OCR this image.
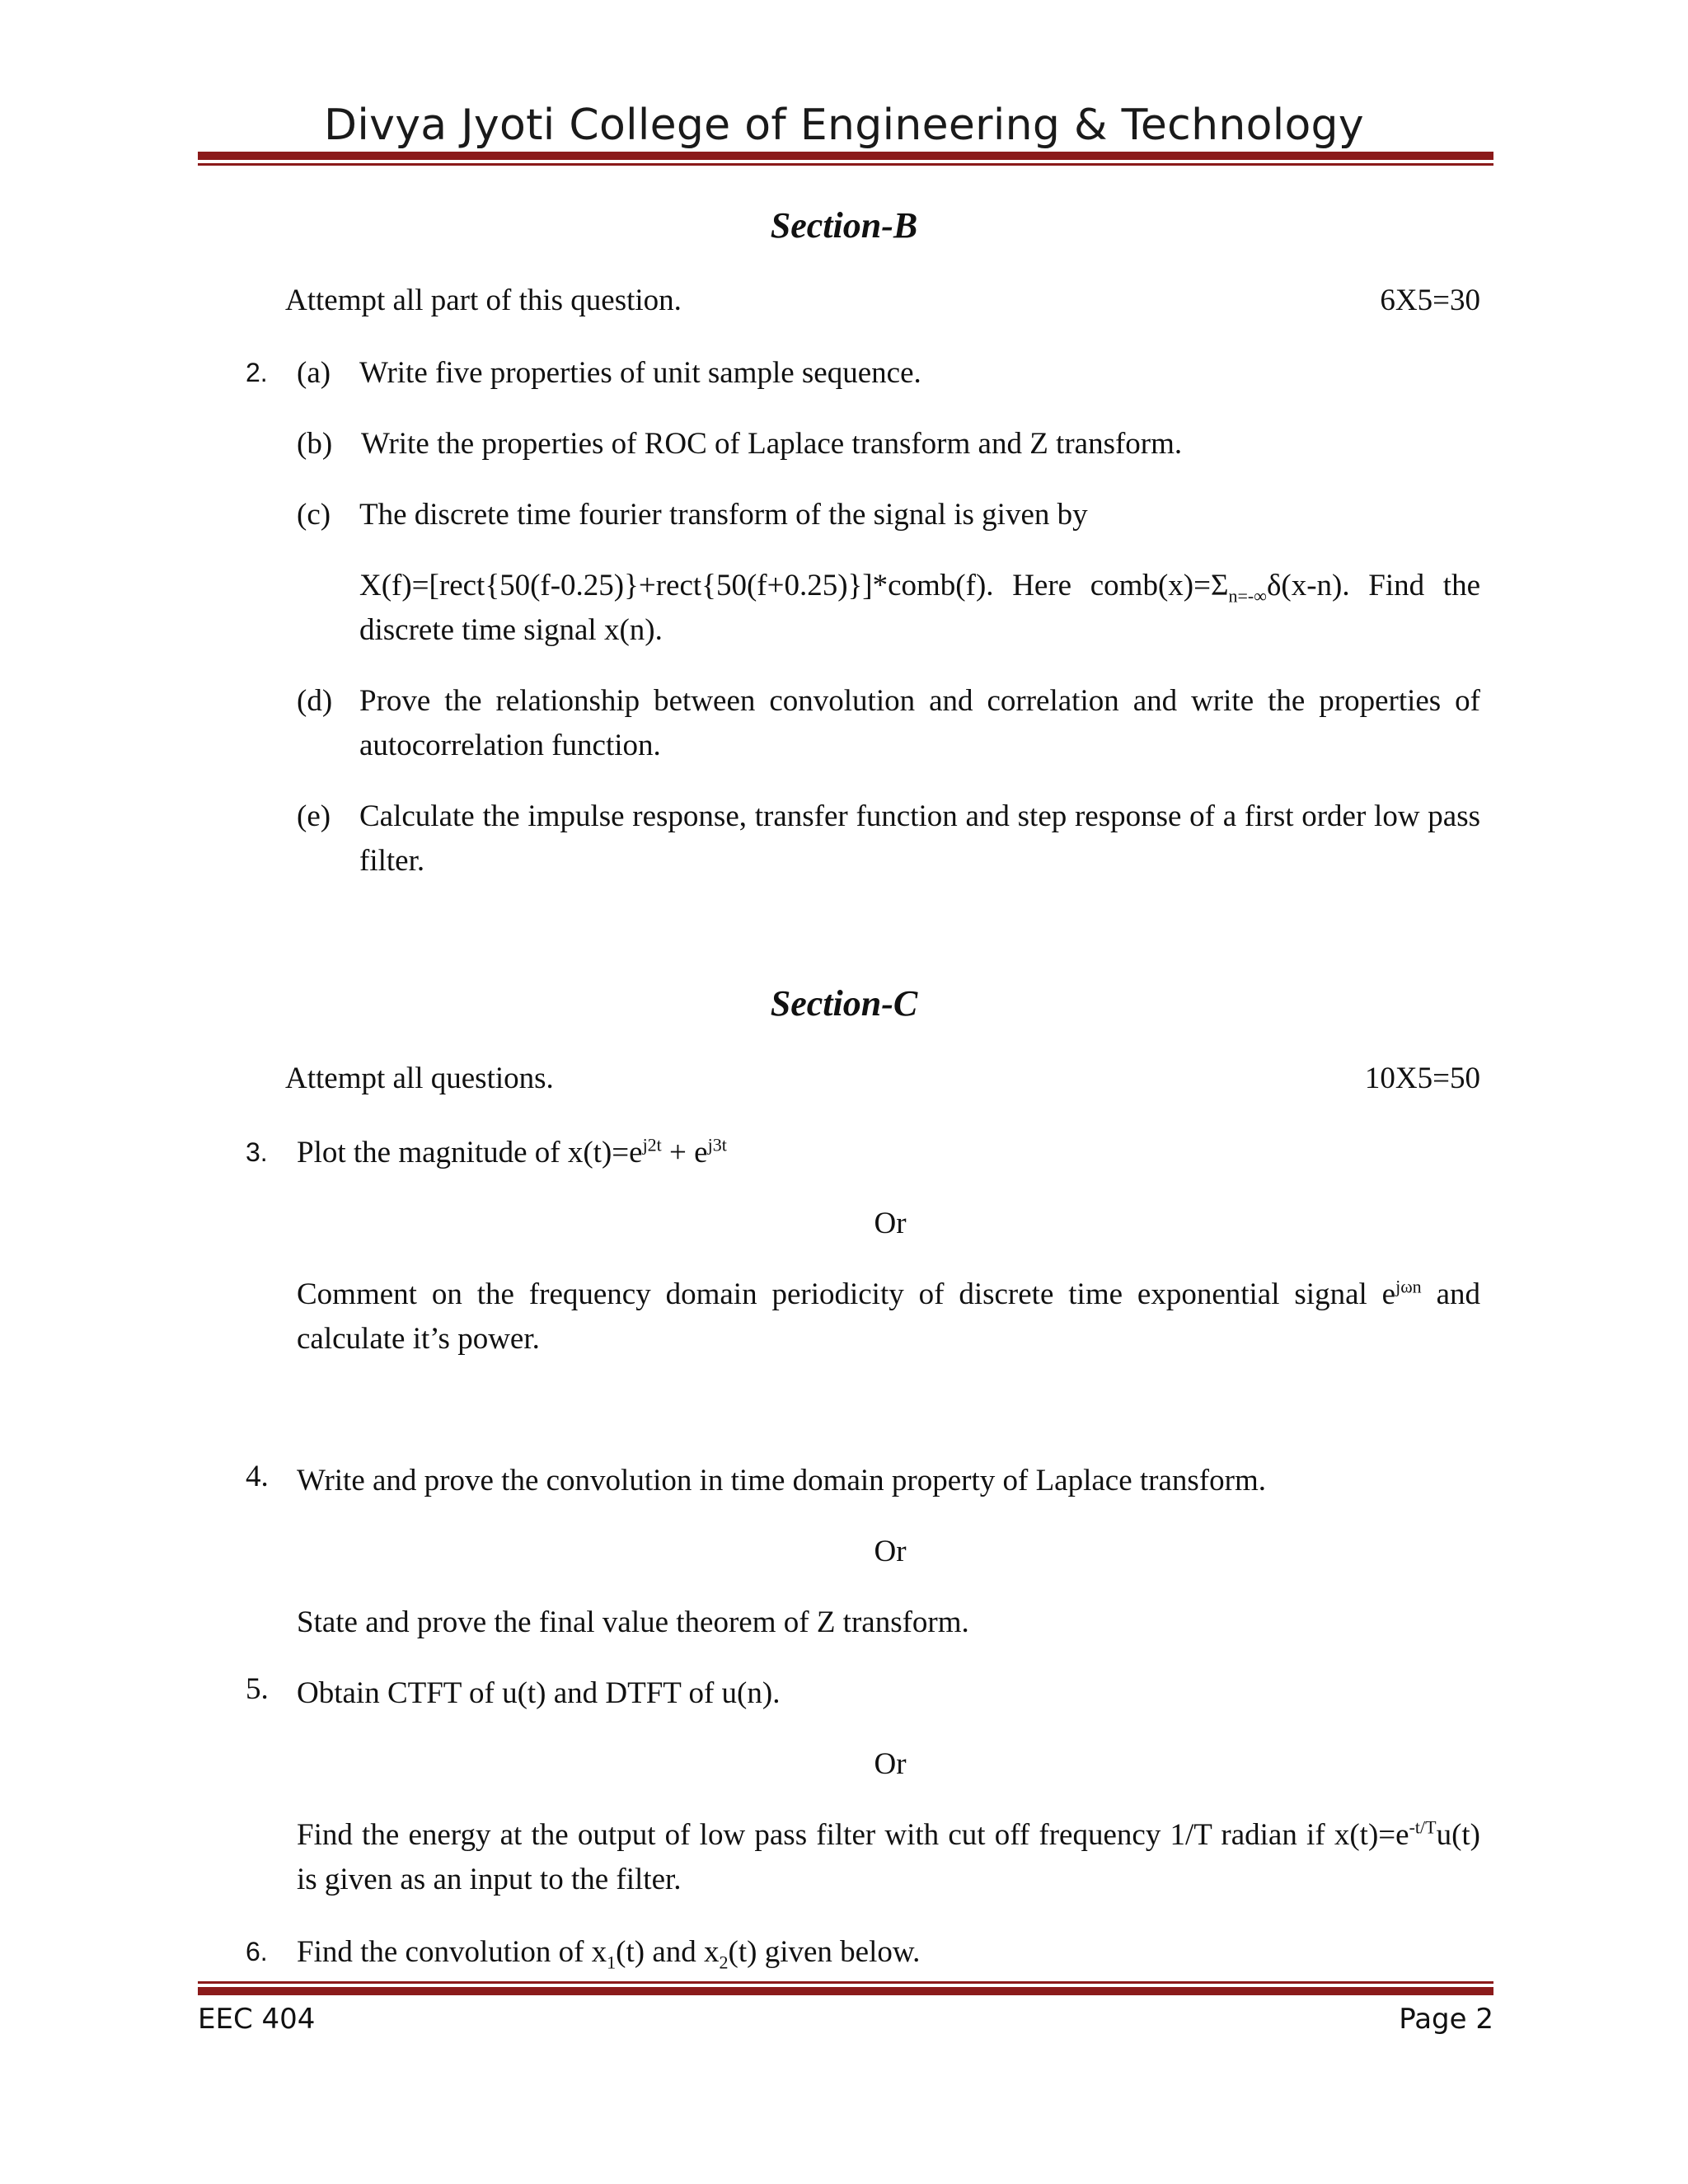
Divya Jyoti College of Engineering & Technology
Section-B
Attempt all part of this question.	6X5=30
2. (a) Write five properties of unit sample sequence.
(b) Write the properties of ROC of Laplace transform and Z transform.
(c) The discrete time fourier transform of the signal is given by
X(f)=[rect{50(f-0.25)}+rect{50(f+0.25)}]*comb(f). Here $comb(x)=\Sigma_{n=-\infty}\delta(x-n)$. Find the discrete time signal x(n).
(d) Prove the relationship between convolution and correlation and write the properties of autocorrelation function.
(e) Calculate the impulse response, transfer function and step response of a first order low pass filter.
Section-C
Attempt all questions.	10X5=50
3. Plot the magnitude of $x(t)=e^{j2t} + e^{j3t}$
Or
Comment on the frequency domain periodicity of discrete time exponential signal $e^{j\omega n}$ and calculate it’s power.
4. Write and prove the convolution in time domain property of Laplace transform.
Or
State and prove the final value theorem of Z transform.
5. Obtain CTFT of u(t) and DTFT of u(n).
Or
Find the energy at the output of low pass filter with cut off frequency 1/T radian if $x(t)=e^{-t/T}u(t)$ is given as an input to the filter.
6. Find the convolution of $x_1(t)$ and $x_2(t)$ given below.
EEC 404	Page 2
